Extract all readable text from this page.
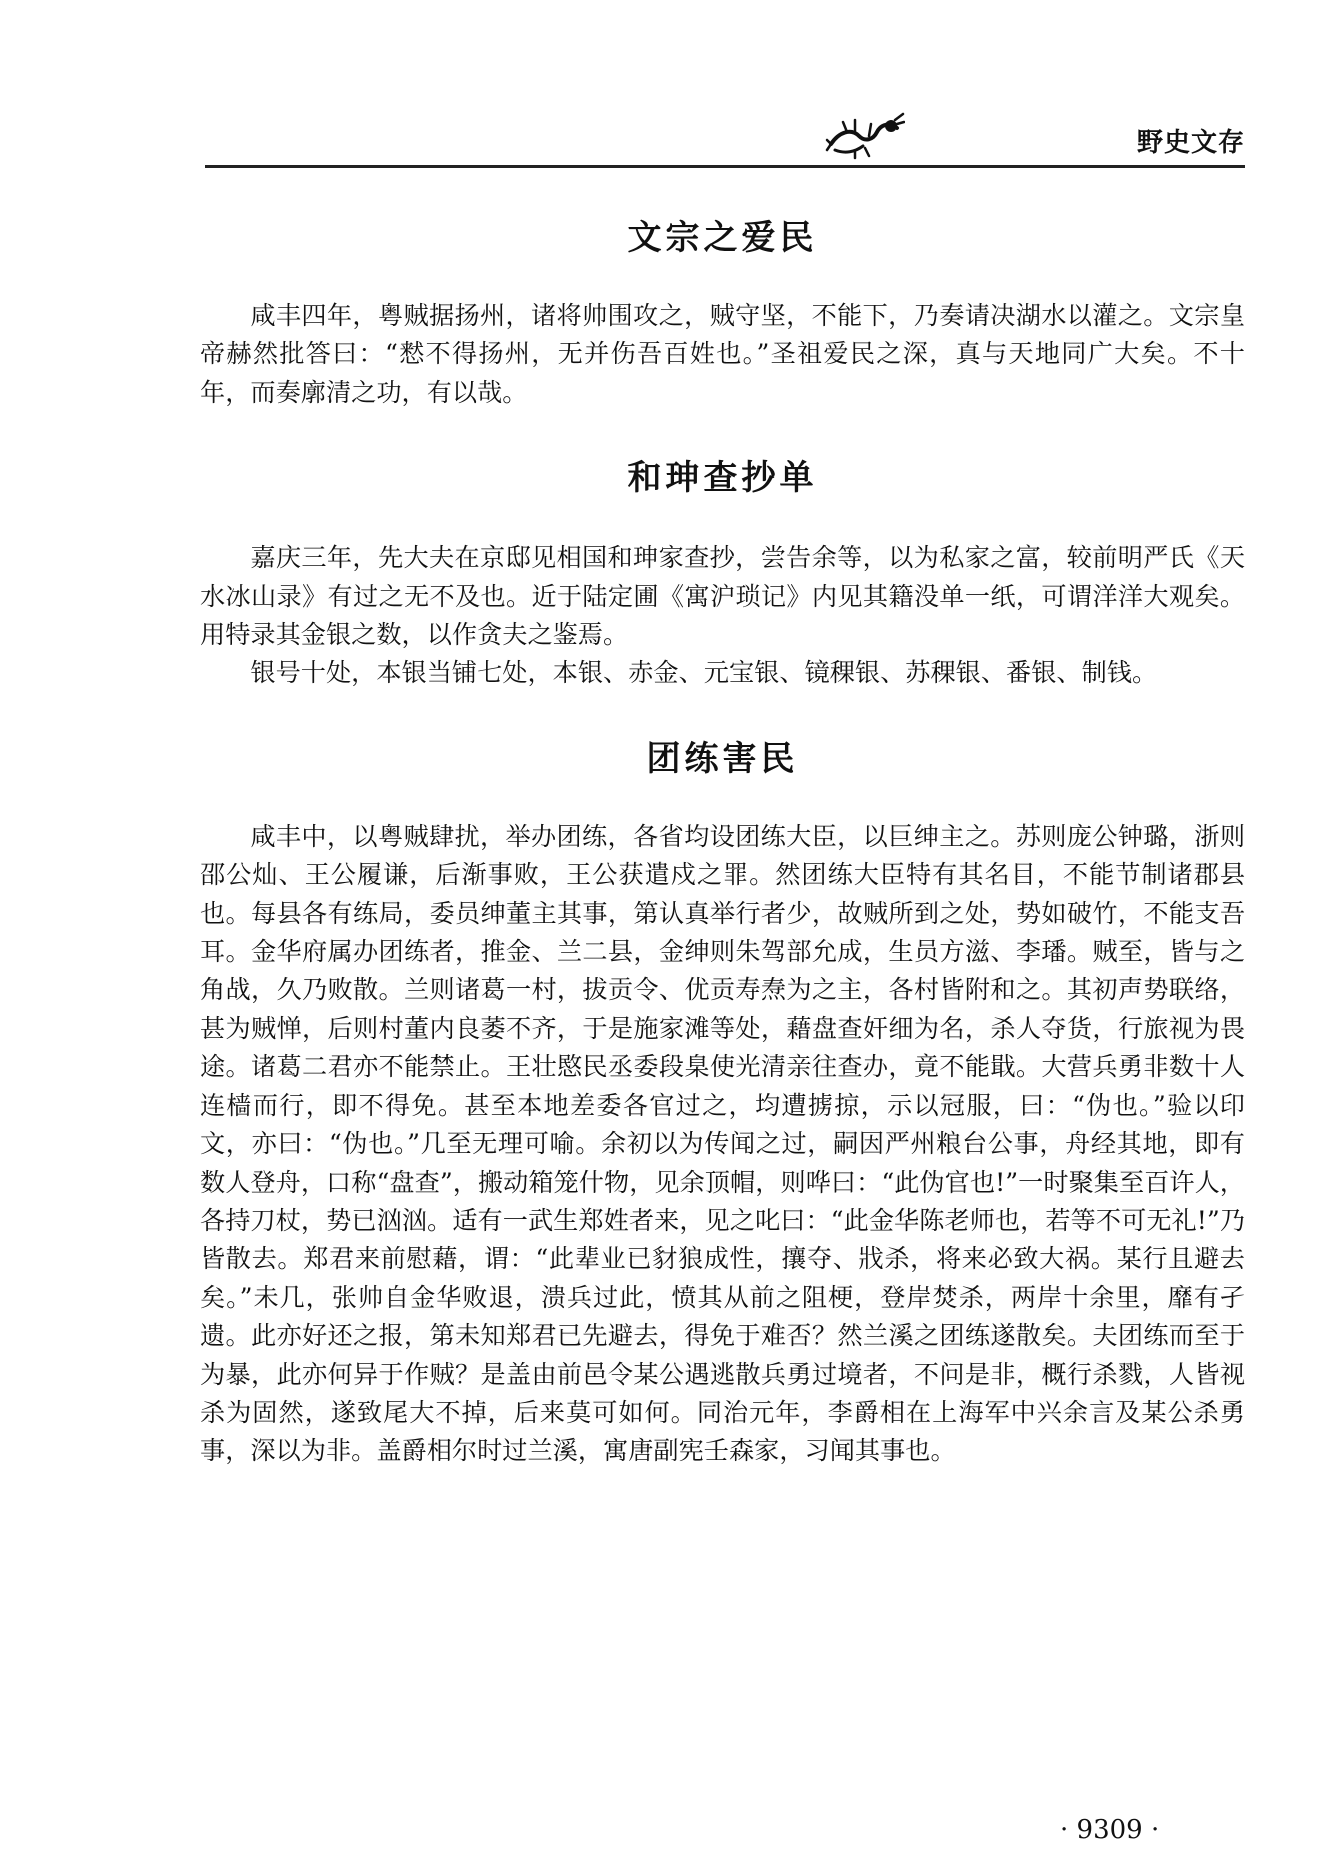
野史文存
文宗之爱民

咸丰四年，粤贼据扬州，诸将帅围攻之，贼守坚，不能下，乃奏请决湖水以灌之。文宗皇帝赫然批答曰：“慭不得扬州，无并伤吾百姓也。”圣祖爱民之深，真与天地同广大矣。不十年，而奏廓清之功，有以哉。

和珅查抄单

嘉庆三年，先大夫在京邸见相国和珅家查抄，尝告余等，以为私家之富，较前明严氏《天水冰山录》有过之无不及也。近于陆定圃《寓沪琐记》内见其籍没单一纸，可谓洋洋大观矣。用特录其金银之数，以作贪夫之鉴焉。

银号十处，本银当铺七处，本银、赤金、元宝银、镜稞银、苏稞银、番银、制钱。

团练害民

咸丰中，以粤贼肆扰，举办团练，各省均设团练大臣，以巨绅主之。苏则庞公钟璐，浙则邵公灿、王公履谦，后渐事败，王公获遣戍之罪。然团练大臣特有其名目，不能节制诸郡县也。每县各有练局，委员绅董主其事，第认真举行者少，故贼所到之处，势如破竹，不能支吾耳。金华府属办团练者，推金、兰二县，金绅则朱驾部允成，生员方滋、李璠。贼至，皆与之角战，久乃败散。兰则诸葛一村，拔贡令、优贡寿焘为之主，各村皆附和之。其初声势联络，甚为贼惮，后则村董内良萎不齐，于是施家滩等处，藉盘查奸细为名，杀人夺货，行旅视为畏途。诸葛二君亦不能禁止。王壮愍民丞委段臬使光清亲往查办，竟不能戢。大营兵勇非数十人连樯而行，即不得免。甚至本地差委各官过之，均遭掳掠，示以冠服，曰：“伪也。”验以印文，亦曰：“伪也。”几至无理可喻。余初以为传闻之过，嗣因严州粮台公事，舟经其地，即有数人登舟，口称“盘查”，搬动箱笼什物，见余顶帽，则哗曰：“此伪官也!”一时聚集至百许人，各持刀杖，势已汹汹。适有一武生郑姓者来，见之叱曰：“此金华陈老师也，若等不可无礼!”乃皆散去。郑君来前慰藉，谓：“此辈业已豺狼成性，攘夺、戕杀，将来必致大祸。某行且避去矣。”未几，张帅自金华败退，溃兵过此，愤其从前之阻梗，登岸焚杀，两岸十余里，靡有孑遗。此亦好还之报，第未知郑君已先避去，得免于难否？然兰溪之团练遂散矣。夫团练而至于为暴，此亦何异于作贼？是盖由前邑令某公遇逃散兵勇过境者，不问是非，概行杀戮，人皆视杀为固然，遂致尾大不掉，后来莫可如何。同治元年，李爵相在上海军中兴余言及某公杀勇事，深以为非。盖爵相尔时过兰溪，寓唐副宪壬森家，习闻其事也。

· 9309 ·
